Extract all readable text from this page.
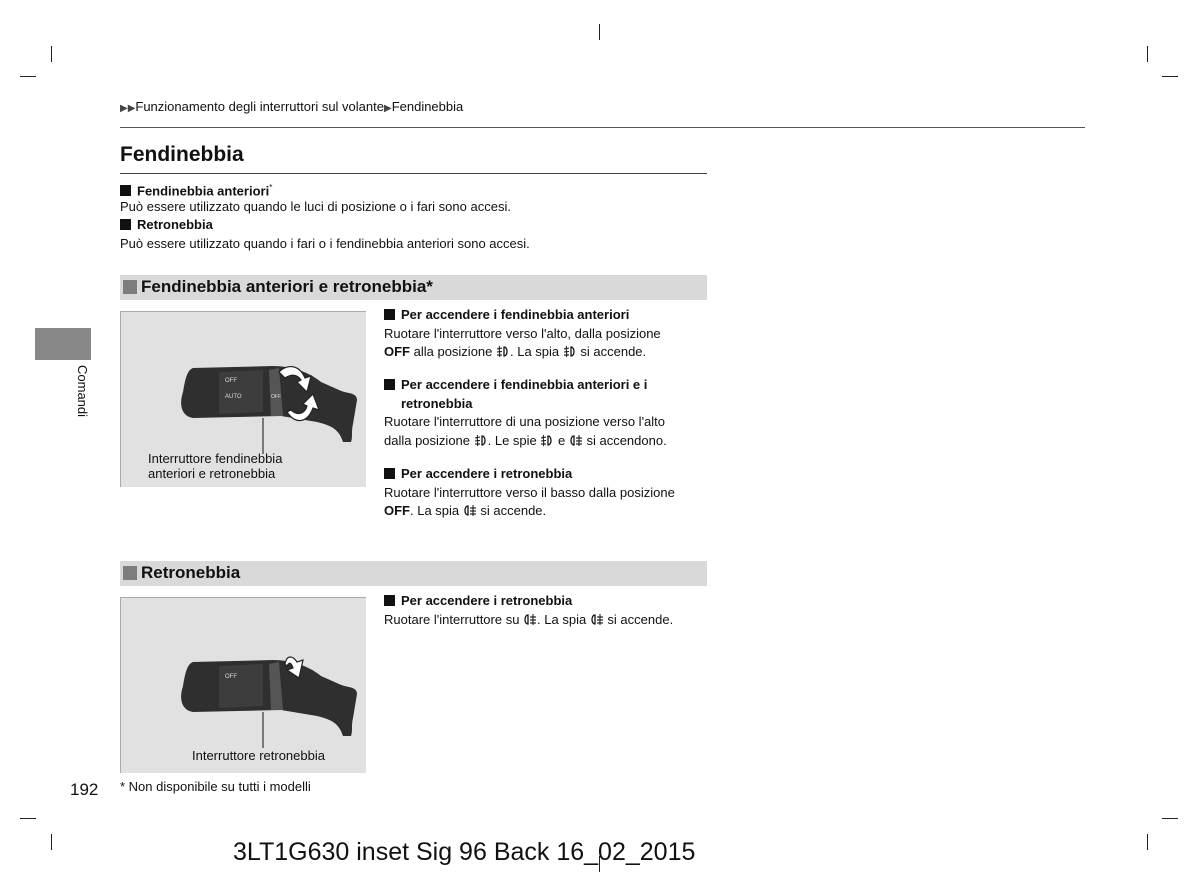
▶▶Funzionamento degli interruttori sul volante▶Fendinebbia
Fendinebbia
Fendinebbia anteriori*
Può essere utilizzato quando le luci di posizione o i fari sono accesi.
Retronebbia
Può essere utilizzato quando i fari o i fendinebbia anteriori sono accesi.
Comandi
Fendinebbia anteriori e retronebbia*
OFF
AUTO	OFF
Interruttore fendinebbia
anteriori e retronebbia
Per accendere i fendinebbia anteriori
Ruotare l'interruttore verso l'alto, dalla posizione
OFF alla posizione . La spia  si accende.
Per accendere i fendinebbia anteriori e i
retronebbia
Ruotare l'interruttore di una posizione verso l'alto
dalla posizione . Le spie  e  si accendono.
Per accendere i retronebbia
Ruotare l'interruttore verso il basso dalla posizione
OFF. La spia  si accende.
Retronebbia
OFF
Interruttore retronebbia
Per accendere i retronebbia
Ruotare l'interruttore su . La spia  si accende.
192 * Non disponibile su tutti i modelli
3LT1G630 inset Sig 96 Back 16_02_2015
